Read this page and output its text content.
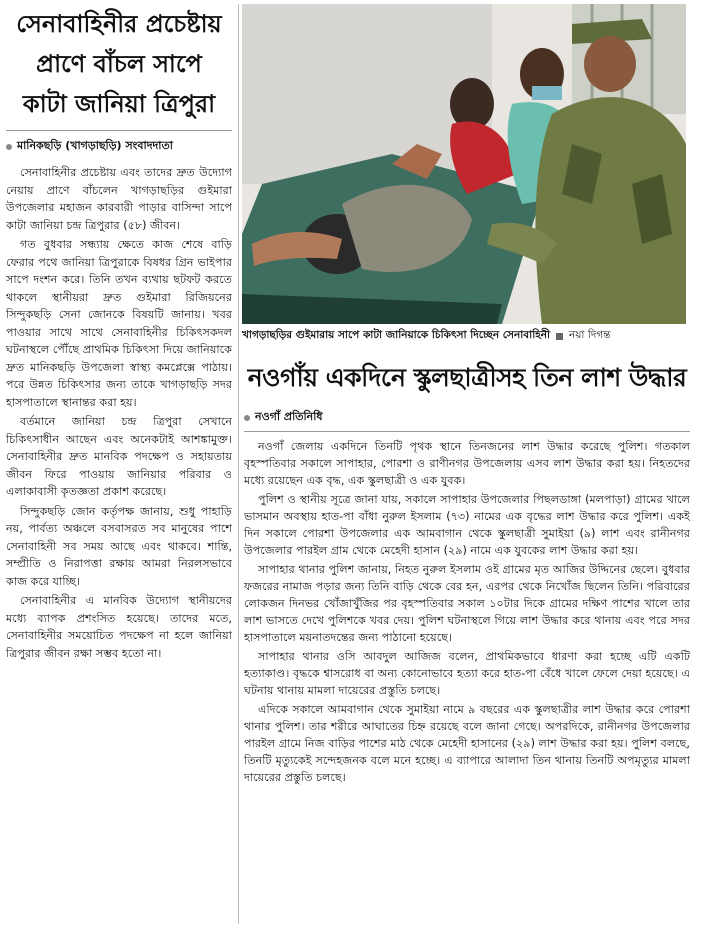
সেনাবাহিনীর প্রচেষ্টায়
প্রাণে বাঁচল সাপে
কাটা জানিয়া ত্রিপুরা
মানিকছড়ি (খাগড়াছড়ি) সংবাদদাতা

সেনাবাহিনীর প্রচেষ্টায় এবং তাদের দ্রুত উদ্যোগ নেয়ায় প্রাণে বাঁচলেন খাগড়াছড়ির গুইমারা উপজেলার মহাজন কারবারী পাড়ার বাসিন্দা সাপে কাটা জানিয়া চন্দ্র ত্রিপুরার (৫৮) জীবন।

গত বুধবার সন্ধ্যায় ক্ষেতে কাজ শেষে বাড়ি ফেরার পথে জানিয়া ত্রিপুরাকে বিষধর গ্রিন ভাইপার সাপে দংশন করে। তিনি তখন ব্যথায় ছটফট করতে থাকলে স্থানীয়রা দ্রুত গুইমারা রিজিয়নের সিন্দুকছড়ি সেনা জোনকে বিষয়টি জানায়। খবর পাওয়ার সাথে সাথে সেনাবাহিনীর চিকিৎসকদল ঘটনাস্থলে পৌঁছে প্রাথমিক চিকিৎসা দিয়ে জানিয়াকে দ্রুত মানিকছড়ি উপজেলা স্বাস্থ্য কমপ্লেক্সে পাঠায়। পরে উন্নত চিকিৎসার জন্য তাকে খাগড়াছড়ি সদর হাসপাতালে স্থানান্তর করা হয়।

বর্তমানে জানিয়া চন্দ্র ত্রিপুরা সেখানে চিকিৎসাধীন আছেন এবং অনেকটাই আশঙ্কামুক্ত। সেনাবাহিনীর দ্রুত মানবিক পদক্ষেপ ও সহায়তায় জীবন ফিরে পাওয়ায় জানিয়ার পরিবার ও এলাকাবাসী কৃতজ্ঞতা প্রকাশ করেছে।

সিন্দুকছড়ি জোন কর্তৃপক্ষ জানায়, শুধু পাহাড়ি নয়, পার্বত্য অঞ্চলে বসবাসরত সব মানুষের পাশে সেনাবাহিনী সব সময় আছে এবং থাকবে। শান্তি, সম্প্রীতি ও নিরাপত্তা রক্ষায় আমরা নিরলসভাবে কাজ করে যাচ্ছি।

সেনাবাহিনীর এ মানবিক উদ্যোগ স্থানীয়দের মধ্যে ব্যাপক প্রশংসিত হয়েছে। তাদের মতে, সেনাবাহিনীর সময়োচিত পদক্ষেপ না হলে জানিয়া ত্রিপুরার জীবন রক্ষা সম্ভব হতো না।

খাগড়াছড়ির গুইমারায় সাপে কাটা জানিয়াকে চিকিৎসা দিচ্ছেন সেনাবাহিনী নয়া দিগন্ত
নওগাঁয় একদিনে স্কুলছাত্রীসহ তিন লাশ উদ্ধার
নওগাঁ প্রতিনিধি

নওগাঁ জেলায় একদিনে তিনটি পৃথক স্থানে তিনজনের লাশ উদ্ধার করেছে পুলিশ। গতকাল বৃহস্পতিবার সকালে সাপাহার, পোরশা ও রাণীনগর উপজেলায় এসব লাশ উদ্ধার করা হয়। নিহতদের মধ্যে রয়েছেন এক বৃদ্ধ, এক স্কুলছাত্রী ও এক যুবক।

পুলিশ ও স্থানীয় সূত্রে জানা যায়, সকালে সাপাহার উপজেলার পিছলডাঙ্গা (মলপাড়া) গ্রামের খালে ভাসমান অবস্থায় হাত-পা বাঁধা নুরুল ইসলাম (৭৩) নামের এক বৃদ্ধের লাশ উদ্ধার করে পুলিশ। একই দিন সকালে পোরশা উপজেলার এক আমবাগান থেকে স্কুলছাত্রী সুমাইয়া (৯) লাশ এবং রানীনগর উপজেলার পারইল গ্রাম থেকে মেহেদী হাসান (২৯) নামে এক যুবকের লাশ উদ্ধার করা হয়।

সাপাহার থানার পুলিশ জানায়, নিহত নুরুল ইসলাম ওই গ্রামের মৃত আজির উদ্দিনের ছেলে। বুধবার ফজরের নামাজ পড়ার জন্য তিনি বাড়ি থেকে বের হন, এরপর থেকে নিখোঁজ ছিলেন তিনি। পরিবারের লোকজন দিনভর খোঁজাখুঁজির পর বৃহস্পতিবার সকাল ১০টার দিকে গ্রামের দক্ষিণ পাশের খালে তার লাশ ভাসতে দেখে পুলিশকে খবর দেয়। পুলিশ ঘটনাস্থলে গিয়ে লাশ উদ্ধার করে থানায় এবং পরে সদর হাসপাতালে ময়নাতদন্তের জন্য পাঠানো হয়েছে।

সাপাহার থানার ওসি আবদুল আজিজ বলেন, প্রাথমিকভাবে ধারণা করা হচ্ছে এটি একটি হত্যাকাণ্ড। বৃদ্ধকে শ্বাসরোধ বা অন্য কোনোভাবে হত্যা করে হাত-পা বেঁধে খালে ফেলে দেয়া হয়েছে। এ ঘটনায় থানায় মামলা দায়েরের প্রস্তুতি চলছে।

এদিকে সকালে আমবাগান থেকে সুমাইয়া নামে ৯ বছরের এক স্কুলছাত্রীর লাশ উদ্ধার করে পোরশা থানার পুলিশ। তার শরীরে আঘাতের চিহ্ন রয়েছে বলে জানা গেছে। অপরদিকে, রানীনগর উপজেলার পারইল গ্রামে নিজ বাড়ির পাশের মাঠ থেকে মেহেদী হাসানের (২৯) লাশ উদ্ধার করা হয়। পুলিশ বলছে, তিনটি মৃত্যুকেই সন্দেহজনক বলে মনে হচ্ছে। এ ব্যাপারে আলাদা তিন থানায় তিনটি অপমৃত্যুর মামলা দায়েরের প্রস্তুতি চলছে।
